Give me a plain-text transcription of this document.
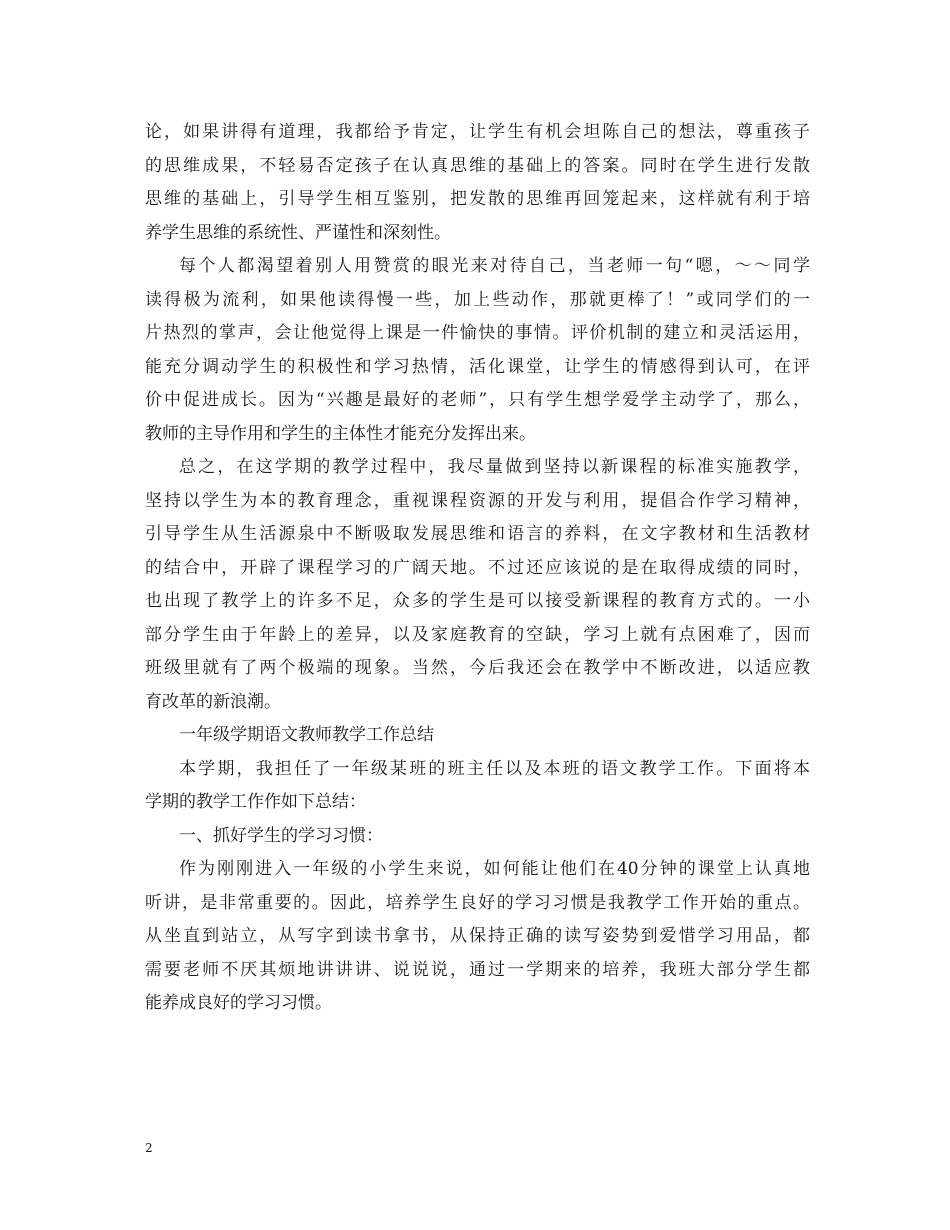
论，如果讲得有道理，我都给予肯定，让学生有机会坦陈自己的想法，尊重孩子
的思维成果，不轻易否定孩子在认真思维的基础上的答案。同时在学生进行发散
思维的基础上，引导学生相互鉴别，把发散的思维再回笼起来，这样就有利于培
养学生思维的系统性、严谨性和深刻性。
每个人都渴望着别人用赞赏的眼光来对待自己，当老师一句“嗯，～～同学
读得极为流利，如果他读得慢一些，加上些动作，那就更棒了！”或同学们的一
片热烈的掌声，会让他觉得上课是一件愉快的事情。评价机制的建立和灵活运用，
能充分调动学生的积极性和学习热情，活化课堂，让学生的情感得到认可，在评
价中促进成长。因为“兴趣是最好的老师”，只有学生想学爱学主动学了，那么，
教师的主导作用和学生的主体性才能充分发挥出来。
总之，在这学期的教学过程中，我尽量做到坚持以新课程的标准实施教学，
坚持以学生为本的教育理念，重视课程资源的开发与利用，提倡合作学习精神，
引导学生从生活源泉中不断吸取发展思维和语言的养料，在文字教材和生活教材
的结合中，开辟了课程学习的广阔天地。不过还应该说的是在取得成绩的同时，
也出现了教学上的许多不足，众多的学生是可以接受新课程的教育方式的。一小
部分学生由于年龄上的差异，以及家庭教育的空缺，学习上就有点困难了，因而
班级里就有了两个极端的现象。当然，今后我还会在教学中不断改进，以适应教
育改革的新浪潮。
一年级学期语文教师教学工作总结
本学期，我担任了一年级某班的班主任以及本班的语文教学工作。下面将本
学期的教学工作作如下总结：
一、抓好学生的学习习惯：
作为刚刚进入一年级的小学生来说，如何能让他们在40分钟的课堂上认真地
听讲，是非常重要的。因此，培养学生良好的学习习惯是我教学工作开始的重点。
从坐直到站立，从写字到读书拿书，从保持正确的读写姿势到爱惜学习用品，都
需要老师不厌其烦地讲讲讲、说说说，通过一学期来的培养，我班大部分学生都
能养成良好的学习习惯。
2
